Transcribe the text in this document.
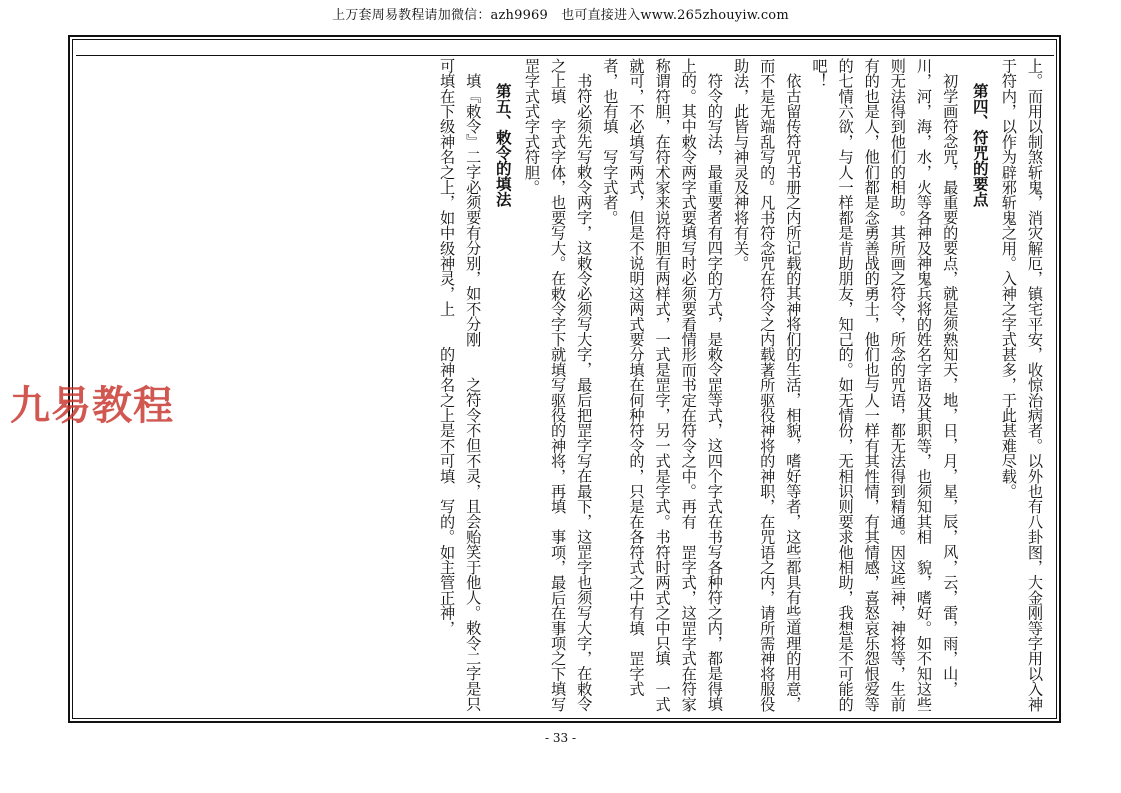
上万套周易教程请加微信：azh9969　也可直接进入www.265zhouyiw.com

上。而用以制煞斩鬼，消灾解厄，镇宅平安，收惊治病者。以外也有八卦图，大金刚等字用以入神于符内，以作为辟邪斩鬼之用。入神之字式甚多，于此甚难尽载。

第四、符咒的要点

初学画符念咒，最重要的要点，就是须熟知天，地，日，月，星，辰，风，云，雷，雨，山，川，河，海，水，火等各神及神鬼兵将的姓名字语及其职等，也须知其相　貌，嗜好。如不知这些则无法得到他们的相助。其所画之符令，所念的咒语，都无法得到精通。因这些神，神将等，生前有的也是人，他们都是念勇善战的勇士，他们也与人一样有其性情，有其情感，喜怒哀乐怨恨爱等的七情六欲，与人一样都是肯助朋友，知己的。如无情份，无相识则要求他相助，我想是不可能的吧！

依古留传符咒书册之内所记载的其神将们的生活，相貌，嗜好等者，这些都具有些道理的用意，而不是无端乱写的。凡书符念咒在符令之内载著所驱役神将的神职，在咒语之内，请所需神将服役助法，此皆与神灵及神将有关。

符令的写法，最重要者有四字的方式，是敕令罡等式，这四个字式在书写各种符之内，都是得填上的。其中敕令两字式要填写时必须要看情形而书定在符令之中。再有　罡字式，这罡字式在符家称谓符胆，在符术家来说符胆有两样式，一式是罡字，另一式是字式。书符时两式之中只填　一式就可，不必填写两式，但是不说明这两式要分填在何种符令的，只是在各符式之中有填　罡字式者，也有填　写字式者。

书符必须先写敕令两字，这敕令必须写大字，最后把罡字写在最下，这罡字也须写大字，在敕令之上填　字式字体，也要写大。在敕令字下就填写驱役的神将，再填　事项，最后在事项之下填写罡字式式字式符胆。

第五、敕令的填法

填『敕令』二字必须要有分别，如不分刚　　之符令不但不灵，且会贻笑于他人。敕令二字是只可填在下级神名之上，如中级神灵，上　　的神名之上是不可填　写的。如主管正神，

九易教程
- 33 -
